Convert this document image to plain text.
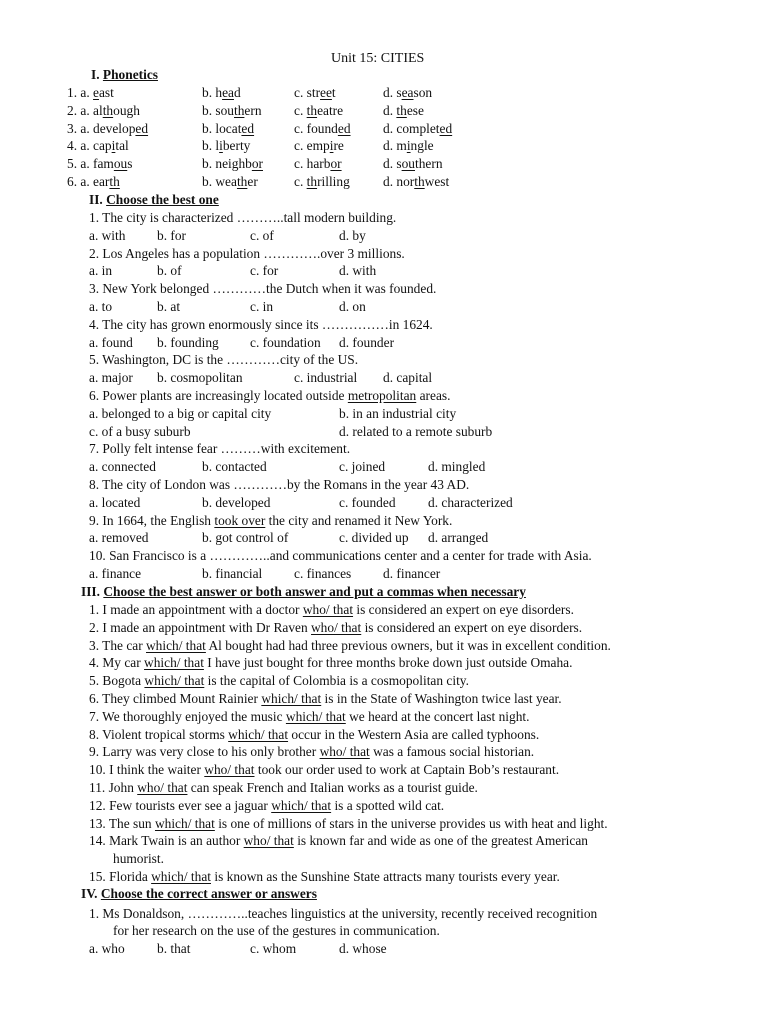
Unit 15: CITIES
I. Phonetics
1. a. east	b. head	c. street	d. season
2. a. although	b. southern c. theatre	d. these
3. a. developed	b. located	c. founded d. completed
4. a. capital	b. liberty	c. empire	d. mingle
5. a. famous	b. neighbor c. harbor	d. southern
6. a. earth	b. weather	c. thrilling d. northwest
II. Choose the best one
1. The city is characterized ………..tall modern building.
a. with b. for	c. of	d. by
2. Los Angeles has a population ………….over 3 millions.
a. in	b. of	c. for	d. with
3. New York belonged …………the Dutch when it was founded.
a. to	b. at	c. in	d. on
4. The city has grown enormously since its ……………in 1624.
a. found b. founding c. foundation d. founder
5. Washington, DC is the …………city of the US.
a. major b. cosmopolitan	c. industrial d. capital
6. Power plants are increasingly located outside metropolitan areas.
a. belonged to a big or capital city	b. in an industrial city
c. of a busy suburb	d. related to a remote suburb
7. Polly felt intense fear ………with excitement.
a. connected	b. contacted	c. joined	d. mingled
8. The city of London was …………by the Romans in the year 43 AD.
a. located	b. developed	c. founded d. characterized
9. In 1664, the English took over the city and renamed it New York.
a. removed	b. got control of	c. divided up d. arranged
10. San Francisco is a …………..and communications center and a center for trade with Asia.
a. finance	b. financial c. finances d. financer
III. Choose the best answer or both answer and put a commas when necessary
1. I made an appointment with a doctor who/ that is considered an expert on eye disorders.
2. I made an appointment with Dr Raven who/ that is considered an expert on eye disorders.
3. The car which/ that Al bought had had three previous owners, but it was in excellent condition.
4. My car which/ that I have just bought for three months broke down just outside Omaha.
5. Bogota which/ that is the capital of Colombia is a cosmopolitan city.
6. They climbed Mount Rainier which/ that is in the State of Washington twice last year.
7. We thoroughly enjoyed the music which/ that we heard at the concert last night.
8. Violent tropical storms which/ that occur in the Western Asia are called typhoons.
9. Larry was very close to his only brother who/ that was a famous social historian.
10. I think the waiter who/ that took our order used to work at Captain Bob’s restaurant.
11. John who/ that can speak French and Italian works as a tourist guide.
12. Few tourists ever see a jaguar which/ that is a spotted wild cat.
13. The sun which/ that is one of millions of stars in the universe provides us with heat and light.
14. Mark Twain is an author who/ that is known far and wide as one of the greatest American
humorist.
15. Florida which/ that is known as the Sunshine State attracts many tourists every year.
IV. Choose the correct answer or answers
1. Ms Donaldson, …………..teaches linguistics at the university, recently received recognition
for her research on the use of the gestures in communication.
a. who b. that	c. whom	d. whose
